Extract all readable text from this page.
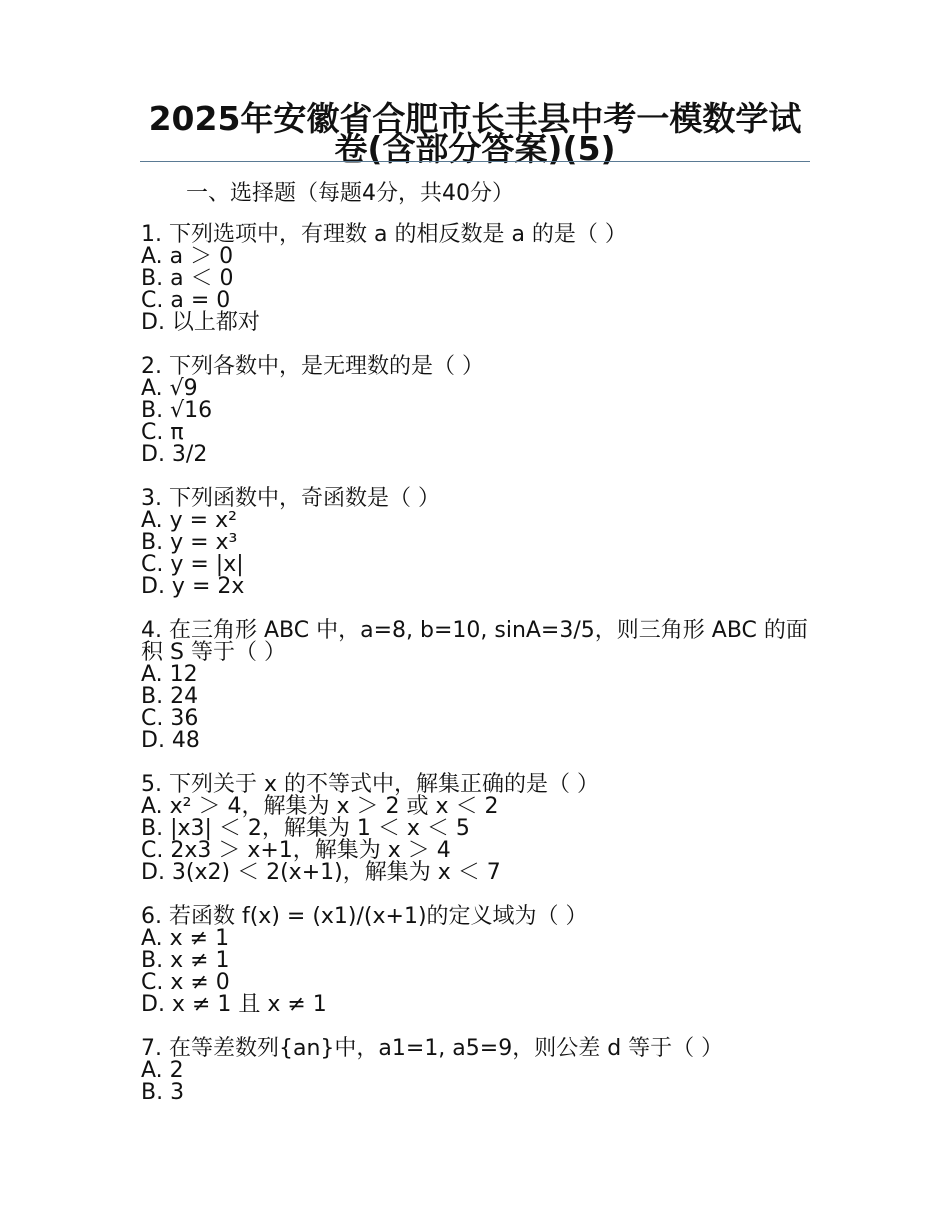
2025年安徽省合肥市长丰县中考一模数学试卷(含部分答案)(5)

一、选择题（每题4分，共40分）

1. 下列选项中，有理数 a 的相反数是 a 的是（ ）
A. a ＞ 0
B. a ＜ 0
C. a = 0
D. 以上都对
2. 下列各数中，是无理数的是（ ）
A. √9
B. √16
C. π
D. 3/2
3. 下列函数中，奇函数是（ ）
A. y = x²
B. y = x³
C. y = |x|
D. y = 2x
4. 在三角形 ABC 中，a=8, b=10, sinA=3/5，则三角形 ABC 的面积 S 等于（ ）
A. 12
B. 24
C. 36
D. 48
5. 下列关于 x 的不等式中，解集正确的是（ ）
A. x² ＞ 4，解集为 x ＞ 2 或 x ＜ 2
B. |x3| ＜ 2，解集为 1 ＜ x ＜ 5
C. 2x3 ＞ x+1，解集为 x ＞ 4
D. 3(x2) ＜ 2(x+1)，解集为 x ＜ 7
6. 若函数 f(x) = (x1)/(x+1)的定义域为（ ）
A. x ≠ 1
B. x ≠ 1
C. x ≠ 0
D. x ≠ 1 且 x ≠ 1
7. 在等差数列{an}中，a1=1, a5=9，则公差 d 等于（ ）
A. 2
B. 3
